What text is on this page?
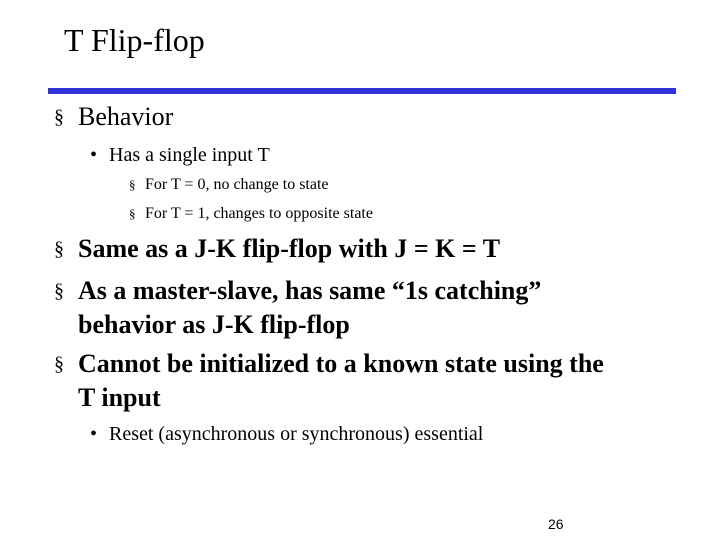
T Flip-flop
§ Behavior
• Has a single input T
§ For T = 0, no change to state
§ For T = 1, changes to opposite state
§ Same as a J-K flip-flop with J = K = T
§ As a master-slave, has same “1s catching”
behavior as J-K flip-flop
§ Cannot be initialized to a known state using the
T input
• Reset (asynchronous or synchronous) essential
26
